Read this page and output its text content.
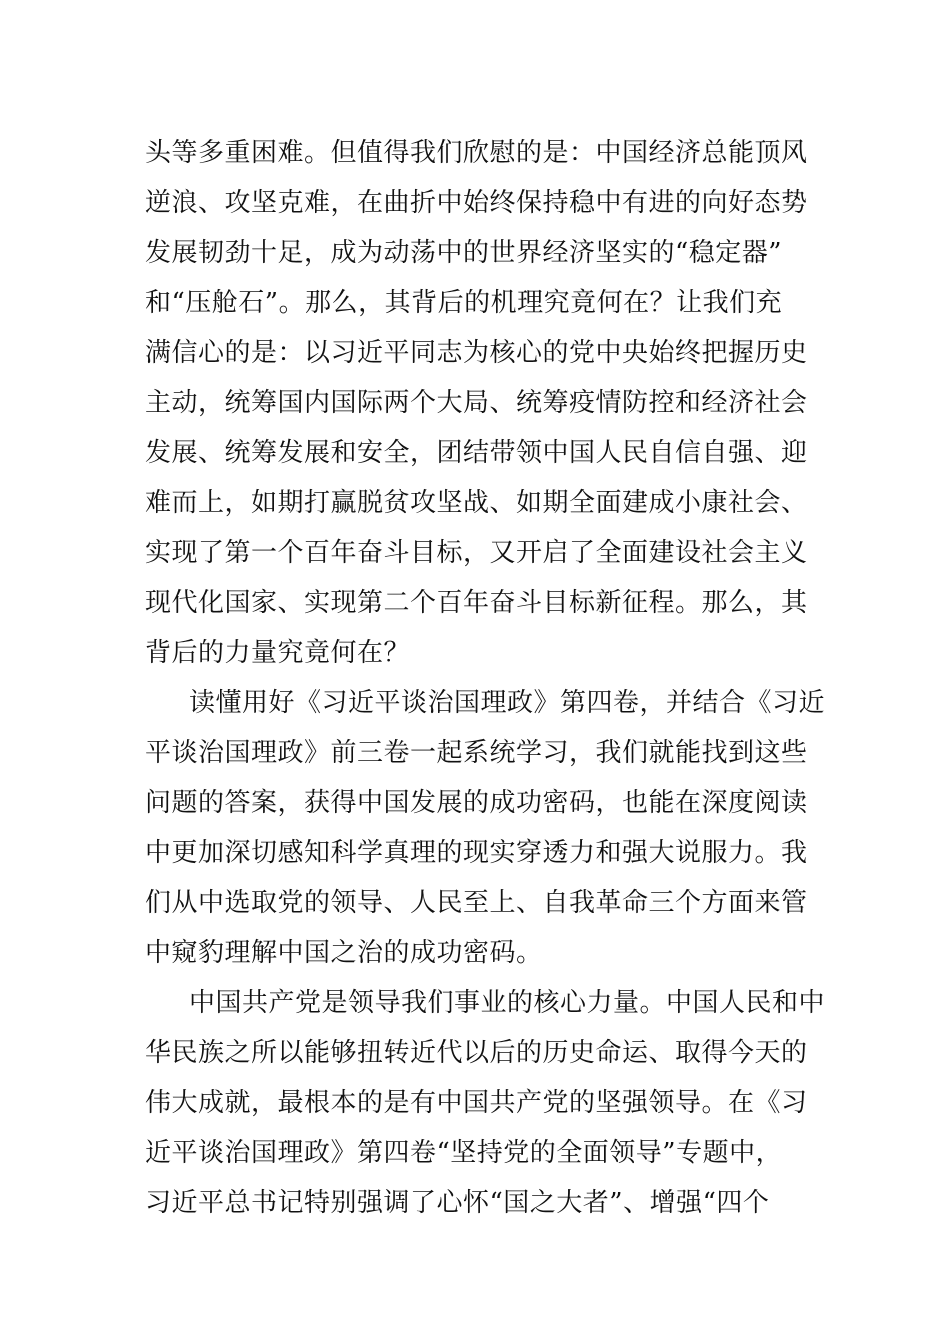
头等多重困难。但值得我们欣慰的是：中国经济总能顶风
逆浪、攻坚克难，在曲折中始终保持稳中有进的向好态势
发展韧劲十足，成为动荡中的世界经济坚实的“稳定器”
和“压舱石”。那么，其背后的机理究竟何在？让我们充
满信心的是：以习近平同志为核心的党中央始终把握历史
主动，统筹国内国际两个大局、统筹疫情防控和经济社会
发展、统筹发展和安全，团结带领中国人民自信自强、迎
难而上，如期打赢脱贫攻坚战、如期全面建成小康社会、
实现了第一个百年奋斗目标，又开启了全面建设社会主义
现代化国家、实现第二个百年奋斗目标新征程。那么，其
背后的力量究竟何在？
读懂用好《习近平谈治国理政》第四卷，并结合《习近
平谈治国理政》前三卷一起系统学习，我们就能找到这些
问题的答案，获得中国发展的成功密码，也能在深度阅读
中更加深切感知科学真理的现实穿透力和强大说服力。我
们从中选取党的领导、人民至上、自我革命三个方面来管
中窥豹理解中国之治的成功密码。
中国共产党是领导我们事业的核心力量。中国人民和中
华民族之所以能够扭转近代以后的历史命运、取得今天的
伟大成就，最根本的是有中国共产党的坚强领导。在《习
近平谈治国理政》第四卷“坚持党的全面领导”专题中，
习近平总书记特别强调了心怀“国之大者”、增强“四个
